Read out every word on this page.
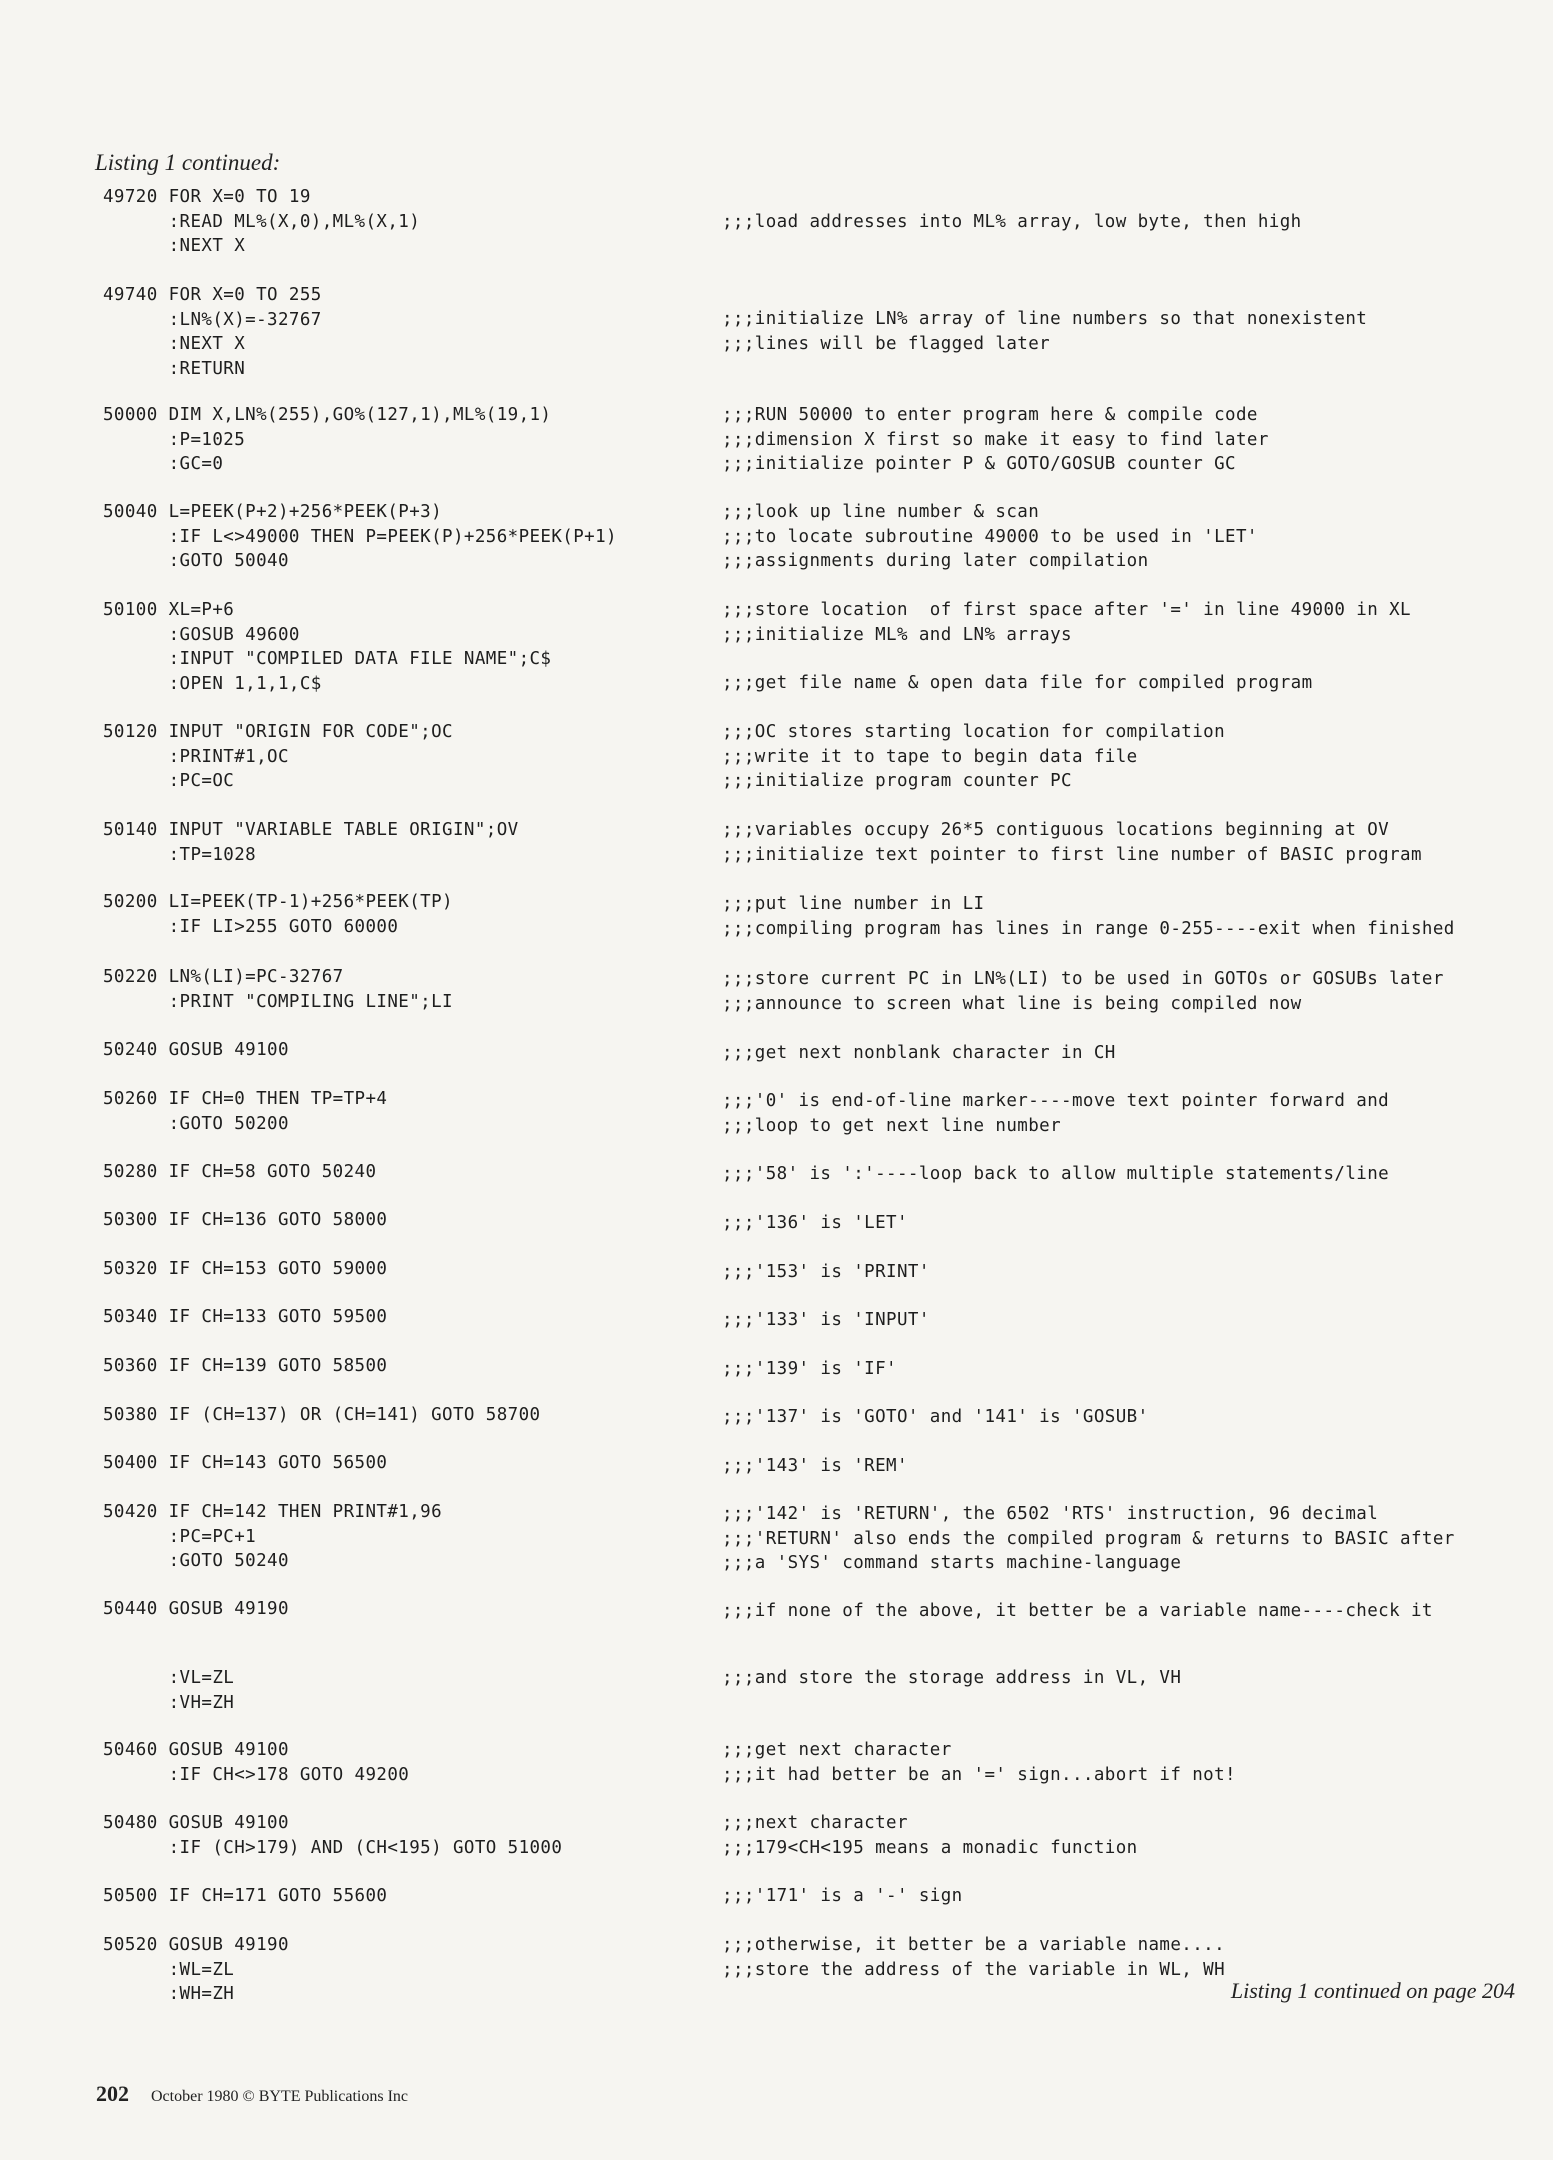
Listing 1 continued:
49720 FOR X=0 TO 19
:READ ML%(X,0),ML%(X,1)
:NEXT X
49740 FOR X=0 TO 255
:LN%(X)=-32767
:NEXT X
:RETURN
50000 DIM X,LN%(255),GO%(127,1),ML%(19,1)
:P=1025
:GC=0
50040 L=PEEK(P+2)+256*PEEK(P+3)
:IF L<>49000 THEN P=PEEK(P)+256*PEEK(P+1)
:GOTO 50040
50100 XL=P+6
:GOSUB 49600
:INPUT "COMPILED DATA FILE NAME";C$
:OPEN 1,1,1,C$
50120 INPUT "ORIGIN FOR CODE";OC
:PRINT#1,OC
:PC=OC
50140 INPUT "VARIABLE TABLE ORIGIN";OV
:TP=1028
50200 LI=PEEK(TP-1)+256*PEEK(TP)
:IF LI>255 GOTO 60000
50220 LN%(LI)=PC-32767
:PRINT "COMPILING LINE";LI
50240 GOSUB 49100
50260 IF CH=0 THEN TP=TP+4
:GOTO 50200
50280 IF CH=58 GOTO 50240
50300 IF CH=136 GOTO 58000
50320 IF CH=153 GOTO 59000
50340 IF CH=133 GOTO 59500
50360 IF CH=139 GOTO 58500
50380 IF (CH=137) OR (CH=141) GOTO 58700
50400 IF CH=143 GOTO 56500
50420 IF CH=142 THEN PRINT#1,96
:PC=PC+1
:GOTO 50240
50440 GOSUB 49190
:VL=ZL
:VH=ZH
50460 GOSUB 49100
:IF CH<>178 GOTO 49200
50480 GOSUB 49100
:IF (CH>179) AND (CH<195) GOTO 51000
50500 IF CH=171 GOTO 55600
50520 GOSUB 49190
:WL=ZL
:WH=ZH
;;;load addresses into ML% array, low byte, then high
;;;initialize LN% array of line numbers so that nonexistent
;;;lines will be flagged later
;;;RUN 50000 to enter program here & compile code
;;;dimension X first so make it easy to find later
;;;initialize pointer P & GOTO/GOSUB counter GC
;;;look up line number & scan
;;;to locate subroutine 49000 to be used in 'LET'
;;;assignments during later compilation
;;;store location  of first space after '=' in line 49000 in XL
;;;initialize ML% and LN% arrays
;;;get file name & open data file for compiled program
;;;OC stores starting location for compilation
;;;write it to tape to begin data file
;;;initialize program counter PC
;;;variables occupy 26*5 contiguous locations beginning at OV
;;;initialize text pointer to first line number of BASIC program
;;;put line number in LI
;;;compiling program has lines in range 0-255----exit when finished
;;;store current PC in LN%(LI) to be used in GOTOs or GOSUBs later
;;;announce to screen what line is being compiled now
;;;get next nonblank character in CH
;;;'0' is end-of-line marker----move text pointer forward and
;;;loop to get next line number
;;;'58' is ':'----loop back to allow multiple statements/line
;;;'136' is 'LET'
;;;'153' is 'PRINT'
;;;'133' is 'INPUT'
;;;'139' is 'IF'
;;;'137' is 'GOTO' and '141' is 'GOSUB'
;;;'143' is 'REM'
;;;'142' is 'RETURN', the 6502 'RTS' instruction, 96 decimal
;;;'RETURN' also ends the compiled program & returns to BASIC after
;;;a 'SYS' command starts machine-language
;;;if none of the above, it better be a variable name----check it
;;;and store the storage address in VL, VH
;;;get next character
;;;it had better be an '=' sign...abort if not!
;;;next character
;;;179<CH<195 means a monadic function
;;;'171' is a '-' sign
;;;otherwise, it better be a variable name....
;;;store the address of the variable in WL, WH
Listing 1 continued on page 204
202 October 1980 © BYTE Publications Inc
